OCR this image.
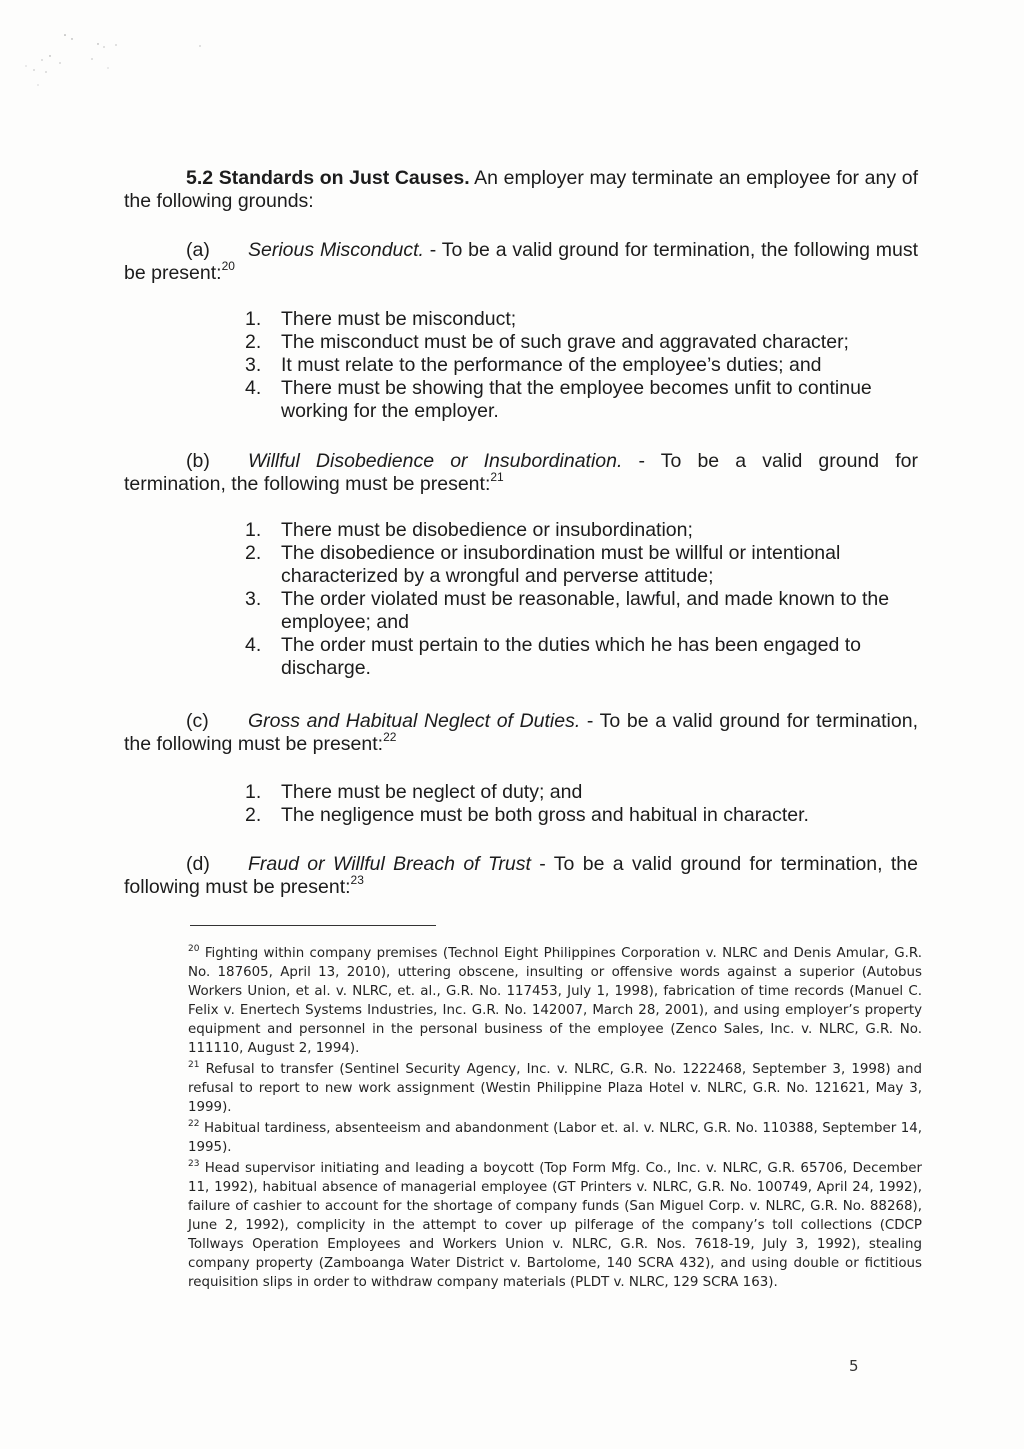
5.2 Standards on Just Causes. An employer may terminate an employee for any of the following grounds:

(a) Serious Misconduct. - To be a valid ground for termination, the following must be present:$^{20}$

1. There must be misconduct;
2. The misconduct must be of such grave and aggravated character;
3. It must relate to the performance of the employee’s duties; and
4. There must be showing that the employee becomes unfit to continue working for the employer.

(b) Willful Disobedience or Insubordination. - To be a valid ground for termination, the following must be present:$^{21}$

1. There must be disobedience or insubordination;
2. The disobedience or insubordination must be willful or intentional characterized by a wrongful and perverse attitude;
3. The order violated must be reasonable, lawful, and made known to the employee; and
4. The order must pertain to the duties which he has been engaged to discharge.

(c) Gross and Habitual Neglect of Duties. - To be a valid ground for termination, the following must be present:$^{22}$

1. There must be neglect of duty; and
2. The negligence must be both gross and habitual in character.

(d) Fraud or Willful Breach of Trust - To be a valid ground for termination, the following must be present:$^{23}$

$^{20}$ Fighting within company premises (Technol Eight Philippines Corporation v. NLRC and Denis Amular, G.R. No. 187605, April 13, 2010), uttering obscene, insulting or offensive words against a superior (Autobus Workers Union, et al. v. NLRC, et. al., G.R. No. 117453, July 1, 1998), fabrication of time records (Manuel C. Felix v. Enertech Systems Industries, Inc. G.R. No. 142007, March 28, 2001), and using employer’s property equipment and personnel in the personal business of the employee (Zenco Sales, Inc. v. NLRC, G.R. No. 111110, August 2, 1994).

$^{21}$ Refusal to transfer (Sentinel Security Agency, Inc. v. NLRC, G.R. No. 1222468, September 3, 1998) and refusal to report to new work assignment (Westin Philippine Plaza Hotel v. NLRC, G.R. No. 121621, May 3, 1999).

$^{22}$ Habitual tardiness, absenteeism and abandonment (Labor et. al. v. NLRC, G.R. No. 110388, September 14, 1995).

$^{23}$ Head supervisor initiating and leading a boycott (Top Form Mfg. Co., Inc. v. NLRC, G.R. 65706, December 11, 1992), habitual absence of managerial employee (GT Printers v. NLRC, G.R. No. 100749, April 24, 1992), failure of cashier to account for the shortage of company funds (San Miguel Corp. v. NLRC, G.R. No. 88268), June 2, 1992), complicity in the attempt to cover up pilferage of the company’s toll collections (CDCP Tollways Operation Employees and Workers Union v. NLRC, G.R. Nos. 7618-19, July 3, 1992), stealing company property (Zamboanga Water District v. Bartolome, 140 SCRA 432), and using double or fictitious requisition slips in order to withdraw company materials (PLDT v. NLRC, 129 SCRA 163).

5
